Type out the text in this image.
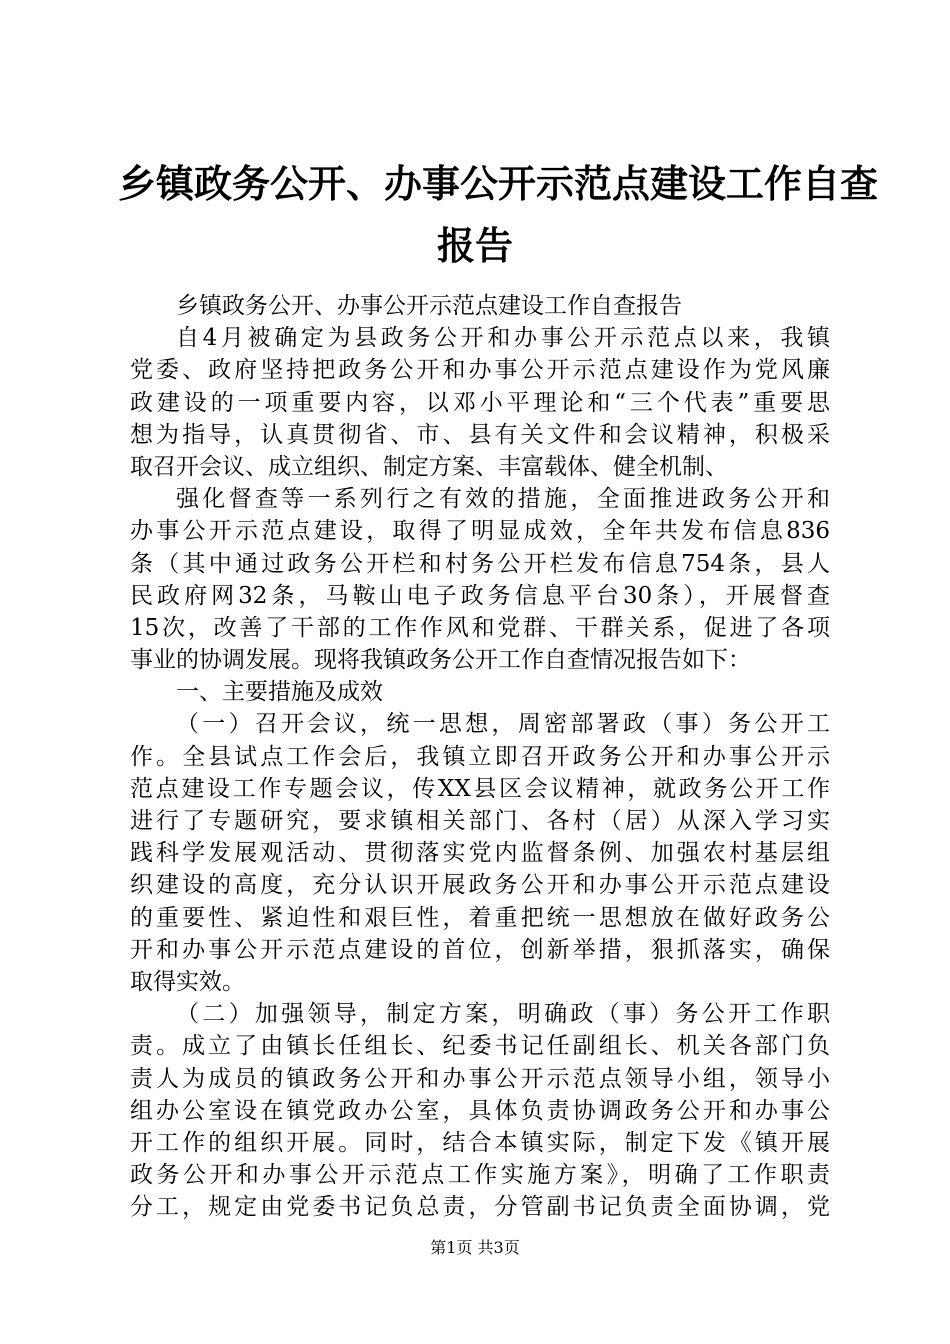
乡镇政务公开、办事公开示范点建设工作自查
报告
乡镇政务公开、办事公开示范点建设工作自查报告
自4月被确定为县政务公开和办事公开示范点以来，我镇
党委、政府坚持把政务公开和办事公开示范点建设作为党风廉
政建设的一项重要内容，以邓小平理论和“三个代表”重要思
想为指导，认真贯彻省、市、县有关文件和会议精神，积极采
取召开会议、成立组织、制定方案、丰富载体、健全机制、
强化督查等一系列行之有效的措施，全面推进政务公开和
办事公开示范点建设，取得了明显成效，全年共发布信息836
条（其中通过政务公开栏和村务公开栏发布信息754条，县人
民政府网32条，马鞍山电子政务信息平台30条），开展督查
15次，改善了干部的工作作风和党群、干群关系，促进了各项
事业的协调发展。现将我镇政务公开工作自查情况报告如下：
一、主要措施及成效
（一）召开会议，统一思想，周密部署政（事）务公开工
作。全县试点工作会后，我镇立即召开政务公开和办事公开示
范点建设工作专题会议，传XX县区会议精神，就政务公开工作
进行了专题研究，要求镇相关部门、各村（居）从深入学习实
践科学发展观活动、贯彻落实党内监督条例、加强农村基层组
织建设的高度，充分认识开展政务公开和办事公开示范点建设
的重要性、紧迫性和艰巨性，着重把统一思想放在做好政务公
开和办事公开示范点建设的首位，创新举措，狠抓落实，确保
取得实效。
（二）加强领导，制定方案，明确政（事）务公开工作职
责。成立了由镇长任组长、纪委书记任副组长、机关各部门负
责人为成员的镇政务公开和办事公开示范点领导小组，领导小
组办公室设在镇党政办公室，具体负责协调政务公开和办事公
开工作的组织开展。同时，结合本镇实际，制定下发《镇开展
政务公开和办事公开示范点工作实施方案》，明确了工作职责
分工，规定由党委书记负总责，分管副书记负责全面协调，党
第1页 共3页
